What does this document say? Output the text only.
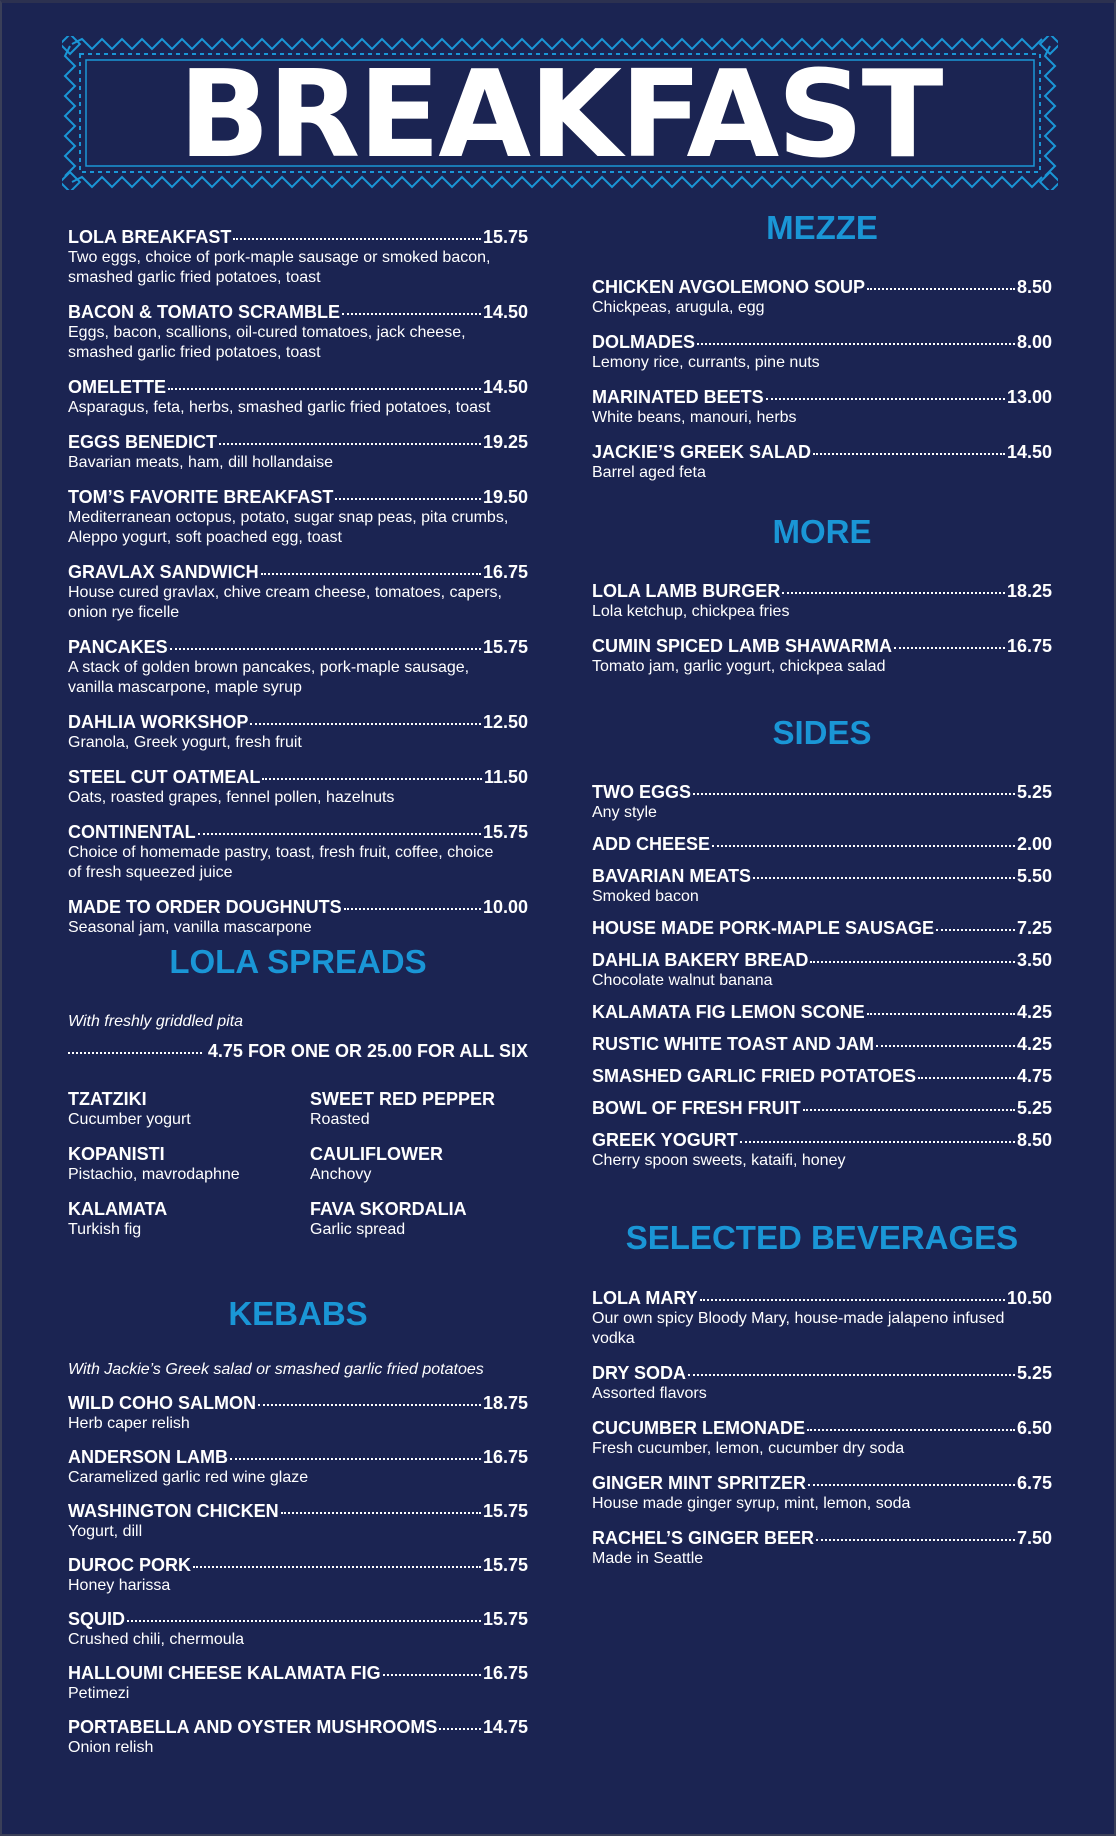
BREAKFAST
LOLA BREAKFAST	15.75
Two eggs, choice of pork-maple sausage or smoked bacon,
smashed garlic fried potatoes, toast
BACON & TOMATO SCRAMBLE	14.50
Eggs, bacon, scallions, oil-cured tomatoes, jack cheese,
smashed garlic fried potatoes, toast
OMELETTE	14.50
Asparagus, feta, herbs, smashed garlic fried potatoes, toast
EGGS BENEDICT	19.25
Bavarian meats, ham, dill hollandaise
TOM’S FAVORITE BREAKFAST	19.50
Mediterranean octopus, potato, sugar snap peas, pita crumbs,
Aleppo yogurt, soft poached egg, toast
GRAVLAX SANDWICH	16.75
House cured gravlax, chive cream cheese, tomatoes, capers,
onion rye ficelle
PANCAKES	15.75
A stack of golden brown pancakes, pork-maple sausage,
vanilla mascarpone, maple syrup
DAHLIA WORKSHOP	12.50
Granola, Greek yogurt, fresh fruit
STEEL CUT OATMEAL	11.50
Oats, roasted grapes, fennel pollen, hazelnuts
CONTINENTAL	15.75
Choice of homemade pastry, toast, fresh fruit, coffee, choice
of fresh squeezed juice
MADE TO ORDER DOUGHNUTS	10.00
Seasonal jam, vanilla mascarpone
LOLA SPREADS
With freshly griddled pita
4.75 FOR ONE OR 25.00 FOR ALL SIX
TZATZIKI
Cucumber yogurt
SWEET RED PEPPER
Roasted
KOPANISTI
Pistachio, mavrodaphne
CAULIFLOWER
Anchovy
KALAMATA
Turkish fig
FAVA SKORDALIA
Garlic spread
KEBABS
With Jackie’s Greek salad or smashed garlic fried potatoes
WILD COHO SALMON	18.75
Herb caper relish
ANDERSON LAMB	16.75
Caramelized garlic red wine glaze
WASHINGTON CHICKEN	15.75
Yogurt, dill
DUROC PORK	15.75
Honey harissa
SQUID	15.75
Crushed chili, chermoula
HALLOUMI CHEESE KALAMATA FIG	16.75
Petimezi
PORTABELLA AND OYSTER MUSHROOMS	14.75
Onion relish
MEZZE
CHICKEN AVGOLEMONO SOUP	8.50
Chickpeas, arugula, egg
DOLMADES	8.00
Lemony rice, currants, pine nuts
MARINATED BEETS	13.00
White beans, manouri, herbs
JACKIE’S GREEK SALAD	14.50
Barrel aged feta
MORE
LOLA LAMB BURGER	18.25
Lola ketchup, chickpea fries
CUMIN SPICED LAMB SHAWARMA	16.75
Tomato jam, garlic yogurt, chickpea salad
SIDES
TWO EGGS	5.25
Any style
ADD CHEESE	2.00
BAVARIAN MEATS	5.50
Smoked bacon
HOUSE MADE PORK-MAPLE SAUSAGE	7.25
DAHLIA BAKERY BREAD	3.50
Chocolate walnut banana
KALAMATA FIG LEMON SCONE	4.25
RUSTIC WHITE TOAST AND JAM	4.25
SMASHED GARLIC FRIED POTATOES	4.75
BOWL OF FRESH FRUIT	5.25
GREEK YOGURT	8.50
Cherry spoon sweets, kataifi, honey
SELECTED BEVERAGES
LOLA MARY	10.50
Our own spicy Bloody Mary, house-made jalapeno infused
vodka
DRY SODA	5.25
Assorted flavors
CUCUMBER LEMONADE	6.50
Fresh cucumber, lemon, cucumber dry soda
GINGER MINT SPRITZER	6.75
House made ginger syrup, mint, lemon, soda
RACHEL’S GINGER BEER	7.50
Made in Seattle
